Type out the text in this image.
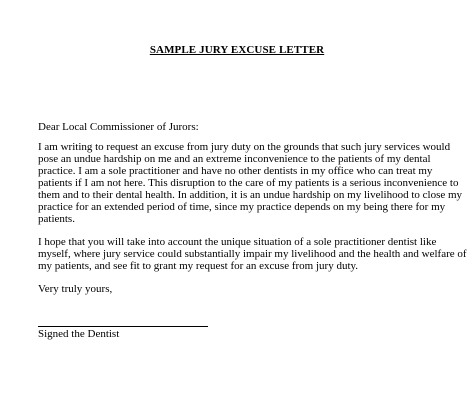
SAMPLE JURY EXCUSE LETTER
Dear Local Commissioner of Jurors:
I am writing to request an excuse from jury duty on the grounds that such jury services would
pose an undue hardship on me and an extreme inconvenience to the patients of my dental
practice. I am a sole practitioner and have no other dentists in my office who can treat my
patients if I am not here. This disruption to the care of my patients is a serious inconvenience to
them and to their dental health. In addition, it is an undue hardship on my livelihood to close my
practice for an extended period of time, since my practice depends on my being there for my
patients.
I hope that you will take into account the unique situation of a sole practitioner dentist like
myself, where jury service could substantially impair my livelihood and the health and welfare of
my patients, and see fit to grant my request for an excuse from jury duty.
Very truly yours,
Signed the Dentist
